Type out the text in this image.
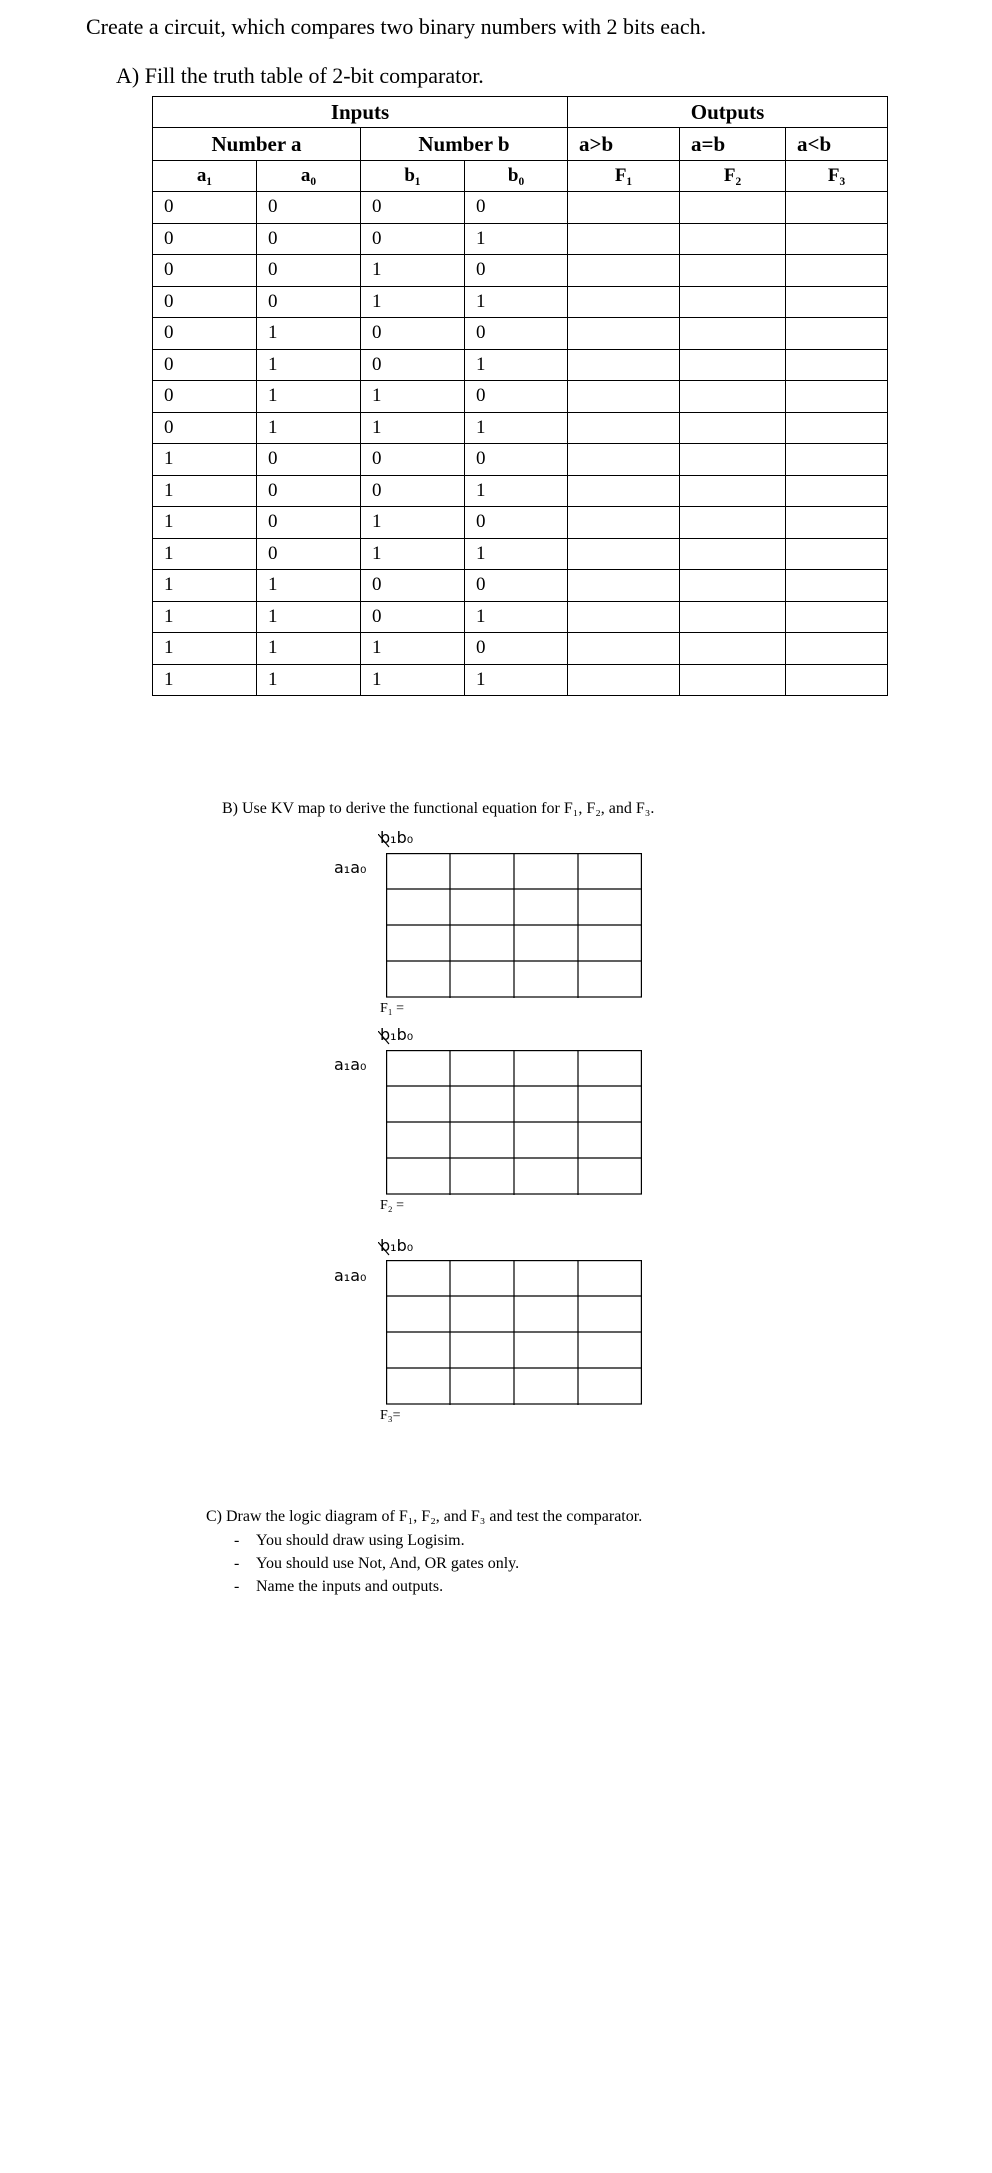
Create a circuit, which compares two binary numbers with 2 bits each.
A) Fill the truth table of 2-bit comparator.
Inputs				Outputs		
Number a		Number b		a>b	a=b	a<b
a₁	a₀	b₁	b₀	F₁	F₂	F₃
0	0	0	0			
0	0	0	1			
0	0	1	0			
0	0	1	1			
0	1	0	0			
0	1	0	1			
0	1	1	0			
0	1	1	1			
1	0	0	0			
1	0	0	1			
1	0	1	0			
1	0	1	1			
1	1	0	0			
1	1	0	1			
1	1	1	0			
1	1	1	1			
B) Use KV map to derive the functional equation for F₁, F₂, and F₃.
b₁b₀
a₁a₀
F₁ =
b₁b₀
a₁a₀
F₂ =
b₁b₀
a₁a₀
F₃=
C) Draw the logic diagram of F₁, F₂, and F₃ and test the comparator.
- You should draw using Logisim.
- You should use Not, And, OR gates only.
- Name the inputs and outputs.
